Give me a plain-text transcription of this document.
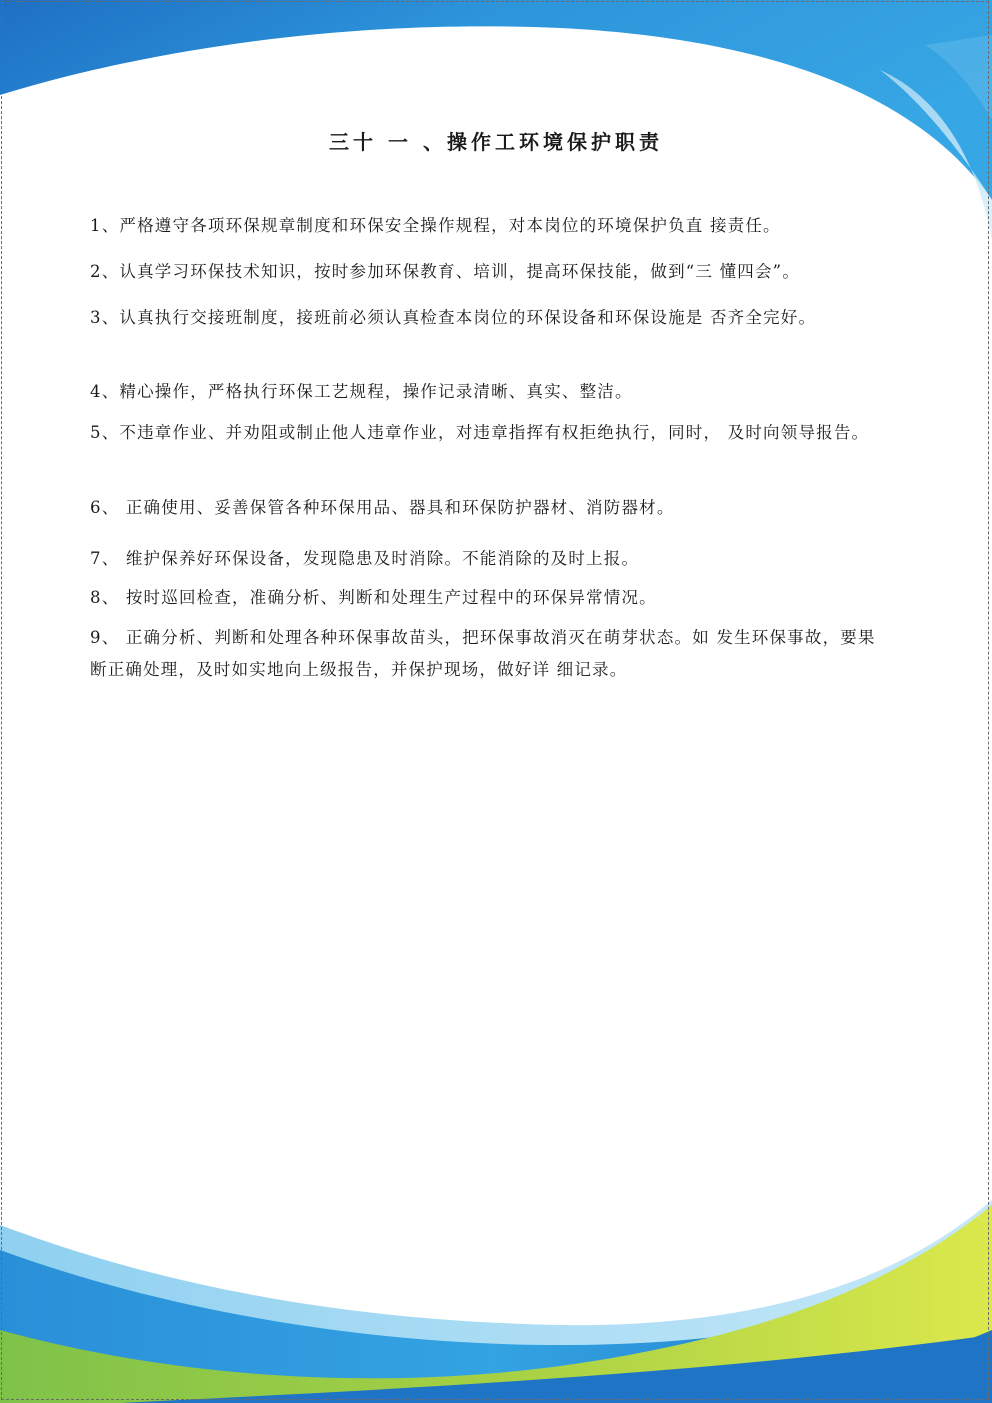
三十 一 、操作工环境保护职责
1、严格遵守各项环保规章制度和环保安全操作规程，对本岗位的环境保护负直 接责任。
2、认真学习环保技术知识，按时参加环保教育、培训，提高环保技能，做到“三 懂四会”。
3、认真执行交接班制度，接班前必须认真检查本岗位的环保设备和环保设施是 否齐全完好。
4、精心操作，严格执行环保工艺规程，操作记录清晰、真实、整洁。
5、不违章作业、并劝阻或制止他人违章作业，对违章指挥有权拒绝执行，同时， 及时向领导报告。
6、 正确使用、妥善保管各种环保用品、器具和环保防护器材、消防器材。
7、 维护保养好环保设备，发现隐患及时消除。不能消除的及时上报。
8、 按时巡回检查，准确分析、判断和处理生产过程中的环保异常情况。
9、 正确分析、判断和处理各种环保事故苗头，把环保事故消灭在萌芽状态。如 发生环保事故，要果断正确处理，及时如实地向上级报告，并保护现场，做好详 细记录。
